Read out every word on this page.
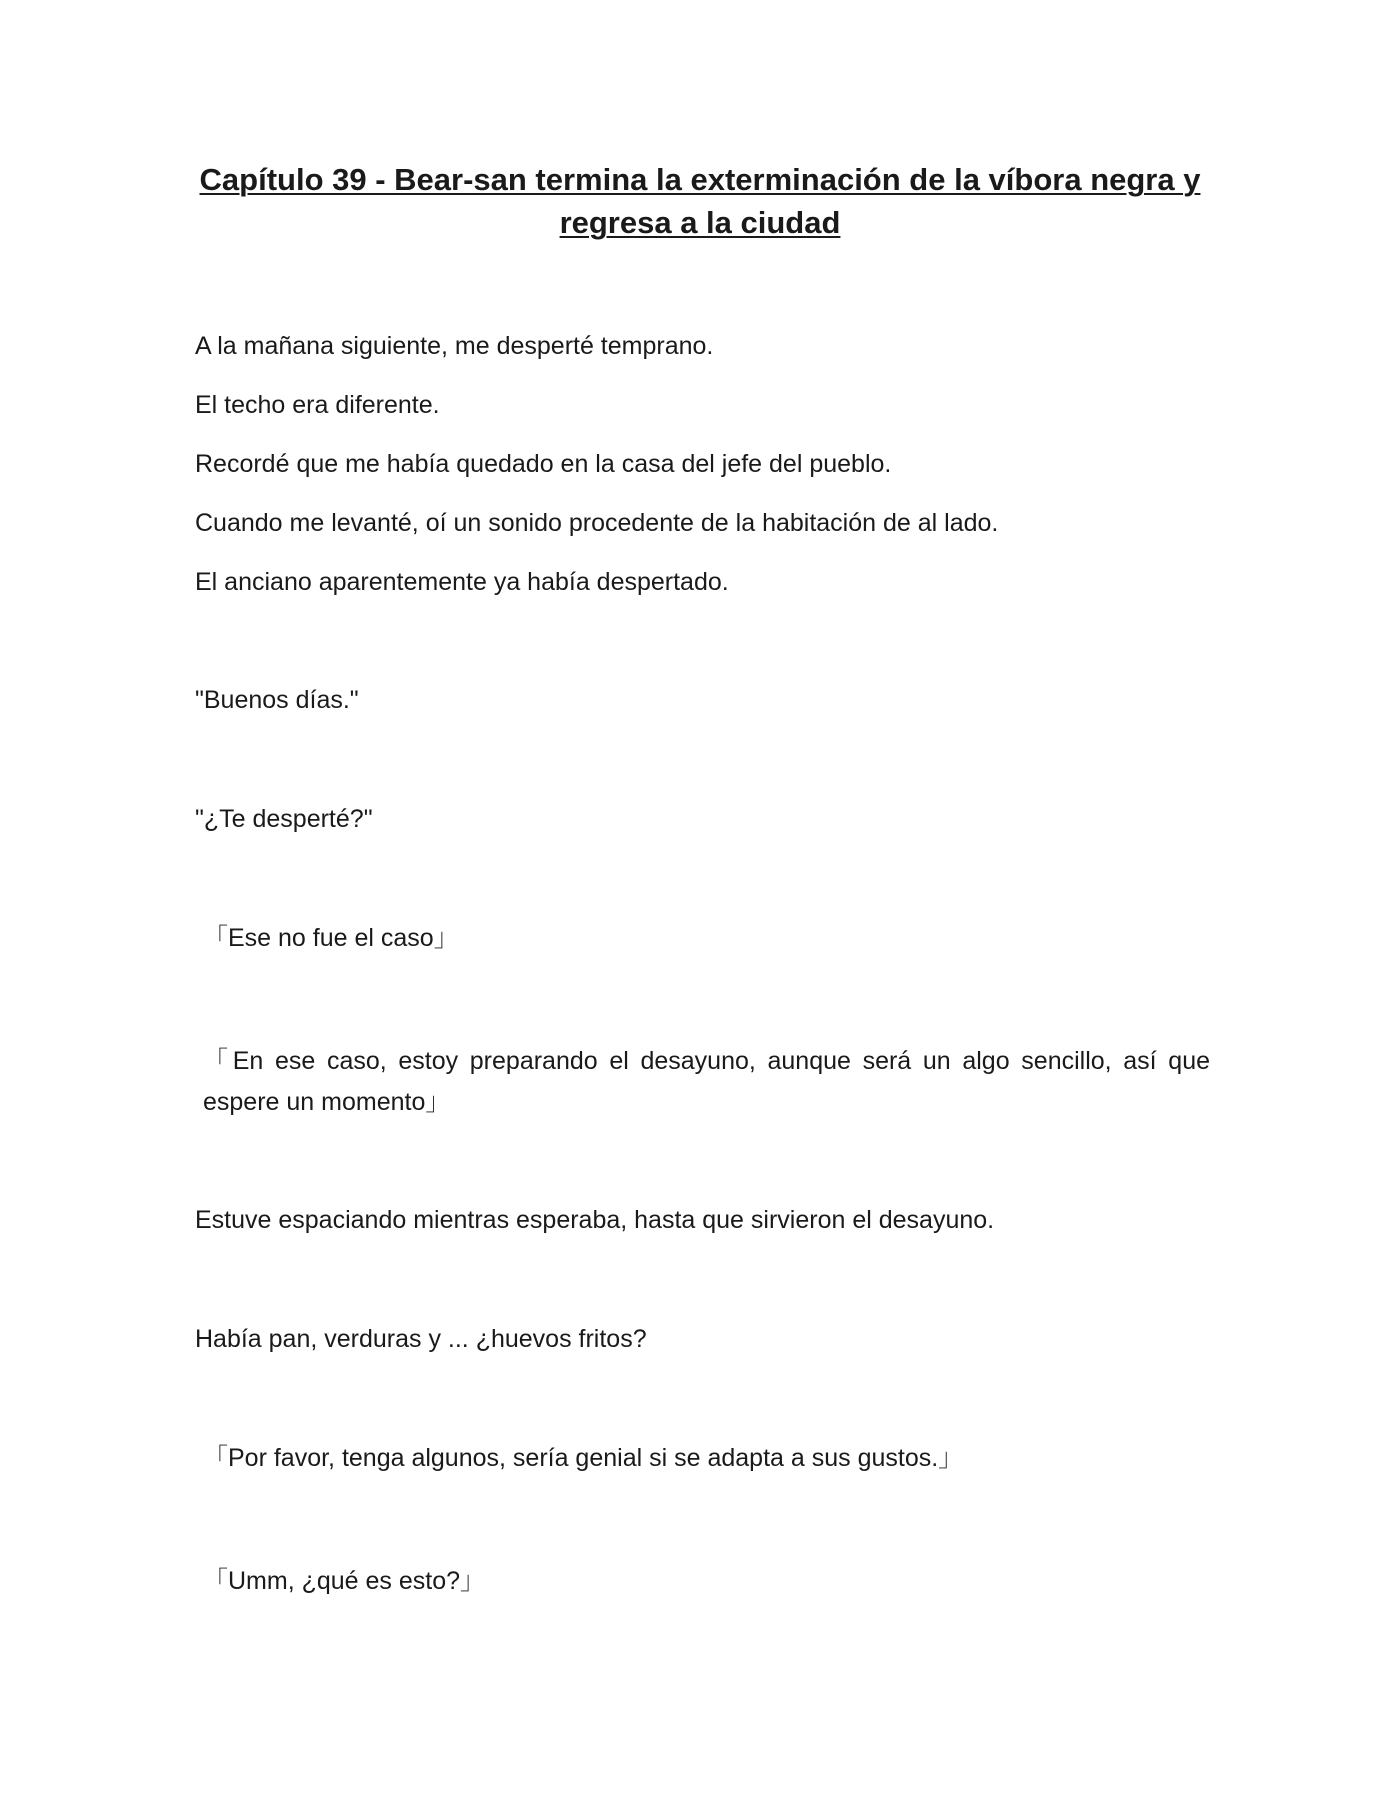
Capítulo 39 - Bear-san termina la exterminación de la víbora negra y regresa a la ciudad

A la mañana siguiente, me desperté temprano.

El techo era diferente.

Recordé que me había quedado en la casa del jefe del pueblo.

Cuando me levanté, oí un sonido procedente de la habitación de al lado.

El anciano aparentemente ya había despertado.

"Buenos días."

"¿Te desperté?"

「Ese no fue el caso」

「En ese caso, estoy preparando el desayuno, aunque será un algo sencillo, así que espere un momento」

Estuve espaciando mientras esperaba, hasta que sirvieron el desayuno.

Había pan, verduras y ... ¿huevos fritos?

「Por favor, tenga algunos, sería genial si se adapta a sus gustos.」

「Umm, ¿qué es esto?」
